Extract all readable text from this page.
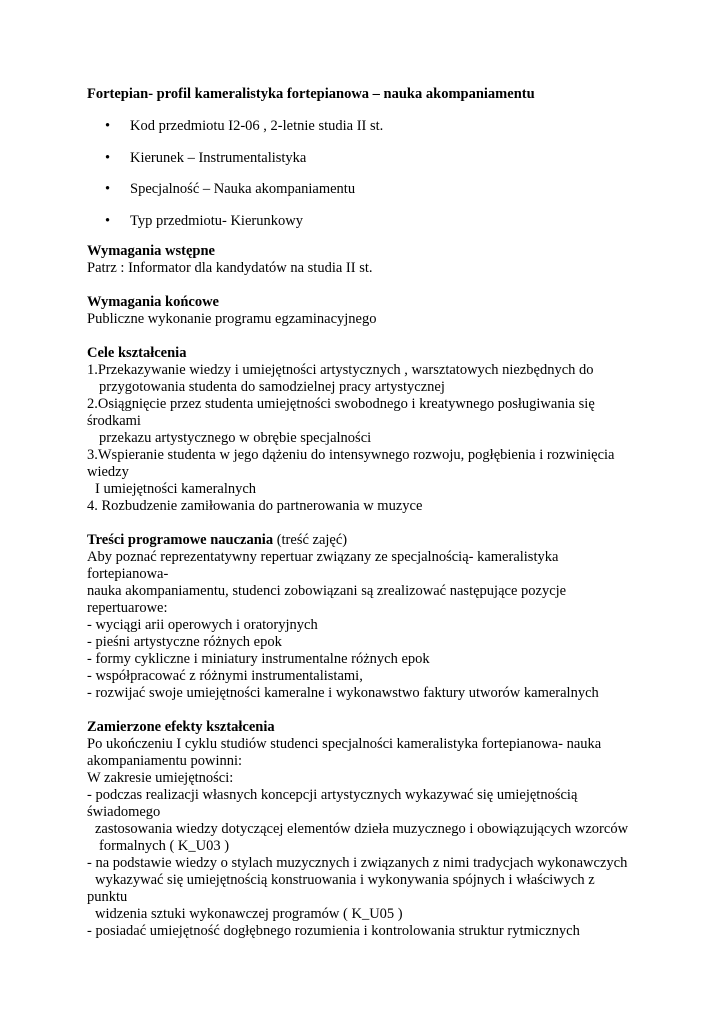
Fortepian- profil kameralistyka fortepianowa – nauka akompaniamentu
• Kod przedmiotu I2-06 , 2-letnie studia II st.
• Kierunek – Instrumentalistyka
• Specjalność – Nauka akompaniamentu
• Typ przedmiotu- Kierunkowy
Wymagania wstępne
Patrz : Informator dla kandydatów na studia II st.
Wymagania końcowe
Publiczne wykonanie programu egzaminacyjnego
Cele kształcenia
1.Przekazywanie wiedzy i umiejętności artystycznych , warsztatowych niezbędnych do
przygotowania studenta do samodzielnej pracy artystycznej
2.Osiągnięcie przez studenta umiejętności swobodnego i kreatywnego posługiwania się
środkami
przekazu artystycznego w obrębie specjalności
3.Wspieranie studenta w jego dążeniu do intensywnego rozwoju, pogłębienia i rozwinięcia
wiedzy
I umiejętności kameralnych
4. Rozbudzenie zamiłowania do partnerowania w muzyce
Treści programowe nauczania (treść zajęć)
Aby poznać reprezentatywny repertuar związany ze specjalnością- kameralistyka
fortepianowa-
nauka akompaniamentu, studenci zobowiązani są zrealizować następujące pozycje
repertuarowe:
- wyciągi arii operowych i oratoryjnych
- pieśni artystyczne różnych epok
- formy cykliczne i miniatury instrumentalne różnych epok
- współpracować z różnymi instrumentalistami,
- rozwijać swoje umiejętności kameralne i wykonawstwo faktury utworów kameralnych
Zamierzone efekty kształcenia
Po ukończeniu I cyklu studiów studenci specjalności kameralistyka fortepianowa- nauka
akompaniamentu powinni:
W zakresie umiejętności:
- podczas realizacji własnych koncepcji artystycznych wykazywać się umiejętnością
świadomego
zastosowania wiedzy dotyczącej elementów dzieła muzycznego i obowiązujących wzorców
formalnych ( K_U03 )
- na podstawie wiedzy o stylach muzycznych i związanych z nimi tradycjach wykonawczych
wykazywać się umiejętnością konstruowania i wykonywania spójnych i właściwych z
punktu
widzenia sztuki wykonawczej programów ( K_U05 )
- posiadać umiejętność dogłębnego rozumienia i kontrolowania struktur rytmicznych
